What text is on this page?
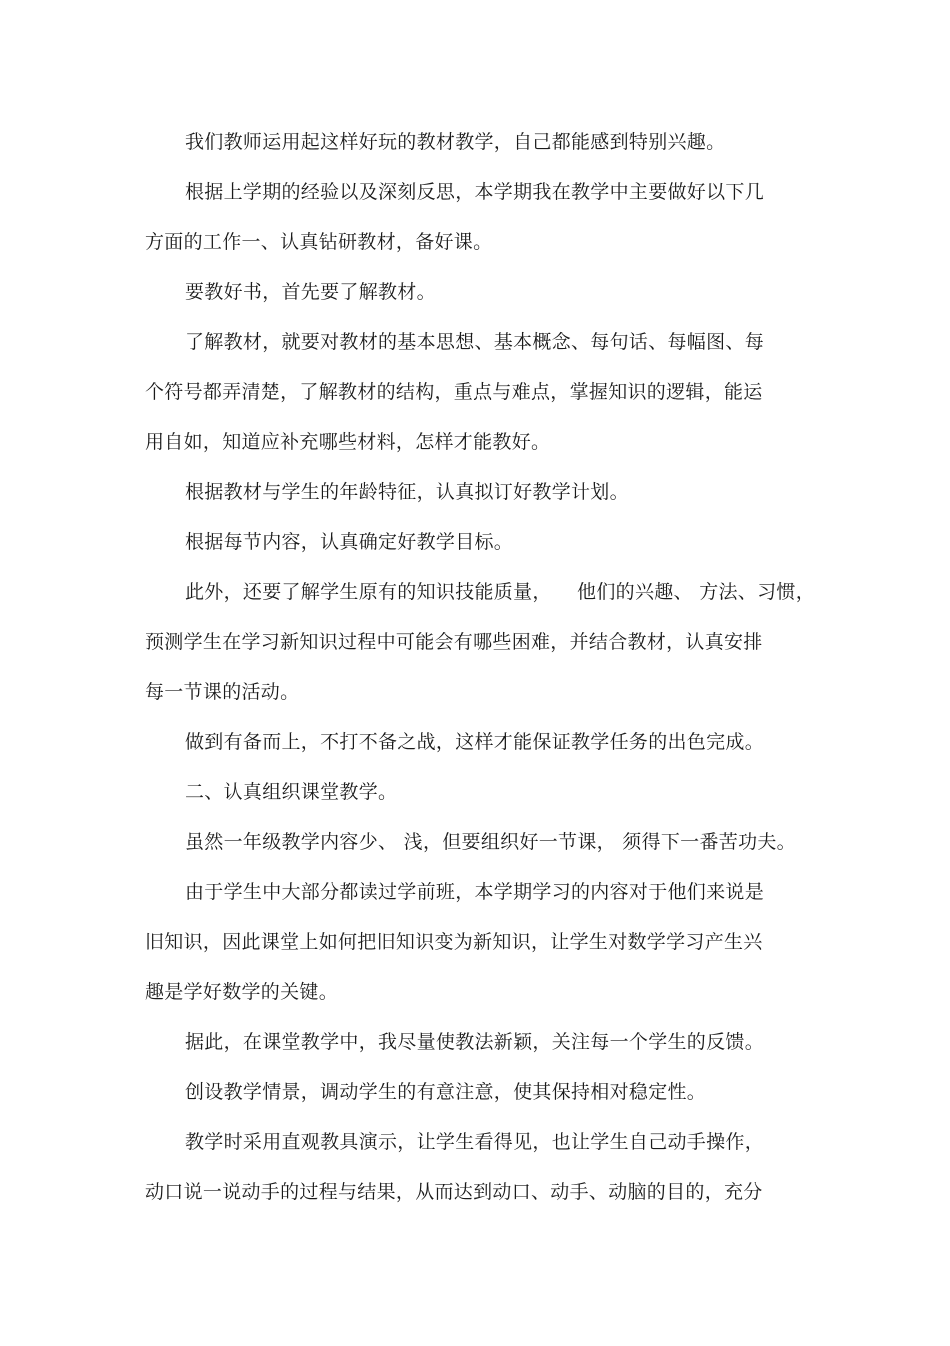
我们教师运用起这样好玩的教材教学，自己都能感到特别兴趣。
根据上学期的经验以及深刻反思，本学期我在教学中主要做好以下几
方面的工作一、认真钻研教材，备好课。
要教好书，首先要了解教材。
了解教材，就要对教材的基本思想、基本概念、每句话、每幅图、每
个符号都弄清楚，了解教材的结构，重点与难点，掌握知识的逻辑，能运
用自如，知道应补充哪些材料，怎样才能教好。
根据教材与学生的年龄特征，认真拟订好教学计划。
根据每节内容，认真确定好教学目标。
此外，还要了解学生原有的知识技能质量，    他们的兴趣、 方法、习惯，
预测学生在学习新知识过程中可能会有哪些困难，并结合教材，认真安排
每一节课的活动。
做到有备而上，不打不备之战，这样才能保证教学任务的出色完成。
二、认真组织课堂教学。
虽然一年级教学内容少、 浅，但要组织好一节课， 须得下一番苦功夫。
由于学生中大部分都读过学前班，本学期学习的内容对于他们来说是
旧知识，因此课堂上如何把旧知识变为新知识，让学生对数学学习产生兴
趣是学好数学的关键。
据此，在课堂教学中，我尽量使教法新颖，关注每一个学生的反馈。
创设教学情景，调动学生的有意注意，使其保持相对稳定性。
教学时采用直观教具演示，让学生看得见，也让学生自己动手操作，
动口说一说动手的过程与结果，从而达到动口、动手、动脑的目的，充分
